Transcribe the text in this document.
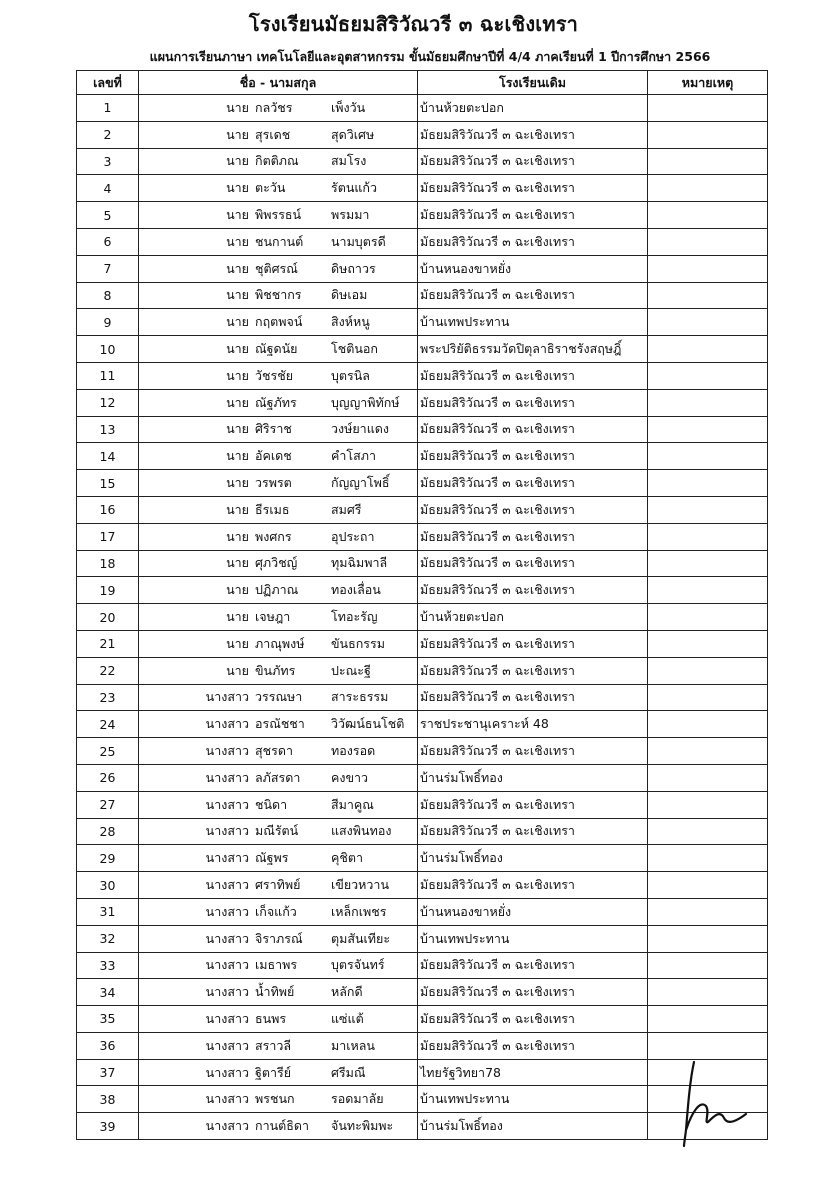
โรงเรียนมัธยมสิริวัณวรี ๓ ฉะเชิงเทรา
แผนการเรียนภาษา เทคโนโลยีและอุตสาหกรรม ขั้นมัธยมศึกษาปีที่ 4/4 ภาคเรียนที่ 1 ปีการศึกษา 2566
เลขที่	ชื่อ - นามสกุล	โรงเรียนเดิม	หมายเหตุ
1	นาย กลวัชร เพ็งวัน	บ้านห้วยตะปอก	
2	นาย สุรเดช สุดวิเศษ	มัธยมสิริวัณวรี ๓ ฉะเชิงเทรา	
3	นาย กิตติภณ สมโรง	มัธยมสิริวัณวรี ๓ ฉะเชิงเทรา	
4	นาย ตะวัน รัตนแก้ว	มัธยมสิริวัณวรี ๓ ฉะเชิงเทรา	
5	นาย พิพรรธน์ พรมมา	มัธยมสิริวัณวรี ๓ ฉะเชิงเทรา	
6	นาย ชนกานต์ นามบุตรดี	มัธยมสิริวัณวรี ๓ ฉะเชิงเทรา	
7	นาย ชุติศรณ์ ดิษถาวร	บ้านหนองขาหยั่ง	
8	นาย พิชชากร ดิษเอม	มัธยมสิริวัณวรี ๓ ฉะเชิงเทรา	
9	นาย กฤตพจน์ สิงห์หนู	บ้านเทพประทาน	
10	นาย ณัฐดนัย โชตินอก	พระปริยัติธรรมวัดปิตุลาธิราชรังสฤษฎิ์	
11	นาย วัชรชัย บุตรนิล	มัธยมสิริวัณวรี ๓ ฉะเชิงเทรา	
12	นาย ณัฐภัทร บุญญาพิทักษ์	มัธยมสิริวัณวรี ๓ ฉะเชิงเทรา	
13	นาย ศิริราช วงษ์ยาแดง	มัธยมสิริวัณวรี ๓ ฉะเชิงเทรา	
14	นาย อัคเดช คำโสภา	มัธยมสิริวัณวรี ๓ ฉะเชิงเทรา	
15	นาย วรพรต กัญญาโพธิ์	มัธยมสิริวัณวรี ๓ ฉะเชิงเทรา	
16	นาย ธีรเมธ สมศรี	มัธยมสิริวัณวรี ๓ ฉะเชิงเทรา	
17	นาย พงศกร อุประถา	มัธยมสิริวัณวรี ๓ ฉะเชิงเทรา	
18	นาย ศุภวิชญ์ ทุมฉิมพาลี	มัธยมสิริวัณวรี ๓ ฉะเชิงเทรา	
19	นาย ปฏิภาณ ทองเลื่อน	มัธยมสิริวัณวรี ๓ ฉะเชิงเทรา	
20	นาย เจษฎา โทอะรัญ	บ้านห้วยตะปอก	
21	นาย ภาณุพงษ์ ขันธกรรม	มัธยมสิริวัณวรี ๓ ฉะเชิงเทรา	
22	นาย ขินภัทร ปะณะฐี	มัธยมสิริวัณวรี ๓ ฉะเชิงเทรา	
23	นางสาว วรรณษา สาระธรรม	มัธยมสิริวัณวรี ๓ ฉะเชิงเทรา	
24	นางสาว อรณัชชา วิวัฒน์ธนโชติ	ราชประชานุเคราะห์ 48	
25	นางสาว สุชรดา ทองรอด	มัธยมสิริวัณวรี ๓ ฉะเชิงเทรา	
26	นางสาว ลภัสรดา คงขาว	บ้านร่มโพธิ์ทอง	
27	นางสาว ชนิดา สีมาคูณ	มัธยมสิริวัณวรี ๓ ฉะเชิงเทรา	
28	นางสาว มณีรัตน์ แสงพินทอง	มัธยมสิริวัณวรี ๓ ฉะเชิงเทรา	
29	นางสาว ณัฐพร คุชิตา	บ้านร่มโพธิ์ทอง	
30	นางสาว ศราทิพย์ เขียวหวาน	มัธยมสิริวัณวรี ๓ ฉะเชิงเทรา	
31	นางสาว เก็จแก้ว เหล็กเพชร	บ้านหนองขาหยั่ง	
32	นางสาว จิราภรณ์ ตุมสันเทียะ	บ้านเทพประทาน	
33	นางสาว เมธาพร บุตรจันทร์	มัธยมสิริวัณวรี ๓ ฉะเชิงเทรา	
34	นางสาว น้ำทิพย์ หลักดี	มัธยมสิริวัณวรี ๓ ฉะเชิงเทรา	
35	นางสาว ธนพร แซ่แต้	มัธยมสิริวัณวรี ๓ ฉะเชิงเทรา	
36	นางสาว สราวลี มาเหลน	มัธยมสิริวัณวรี ๓ ฉะเชิงเทรา	
37	นางสาว ฐิตารีย์ ศรีมณี	ไทยรัฐวิทยา78	
38	นางสาว พรชนก รอดมาลัย	บ้านเทพประทาน	
39	นางสาว กานต์ธิดา จันทะพิมพะ	บ้านร่มโพธิ์ทอง	
